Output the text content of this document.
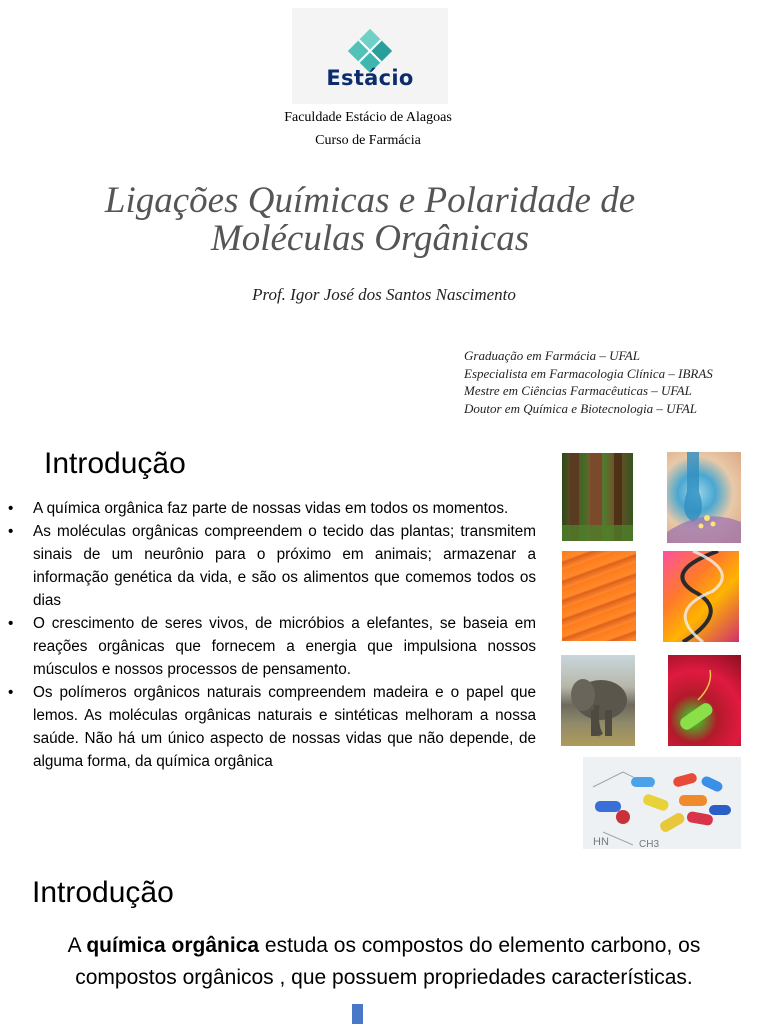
Estácio
Faculdade Estácio de Alagoas
Curso de Farmácia
Ligações Químicas e Polaridade de
Moléculas Orgânicas
Prof. Igor José dos Santos Nascimento
Graduação em Farmácia – UFAL
Especialista em Farmacologia Clínica – IBRAS
Mestre em Ciências Farmacêuticas – UFAL
Doutor em Química e Biotecnologia – UFAL
Introdução
• A química orgânica faz parte de nossas vidas em todos os momentos.
• As moléculas orgânicas compreendem o tecido das plantas; transmitem sinais de um neurônio para o próximo em animais; armazenar a informação genética da vida, e são os alimentos que comemos todos os dias
• O crescimento de seres vivos, de micróbios a elefantes, se baseia em reações orgânicas que fornecem a energia que impulsiona nossos músculos e nossos processos de pensamento.
• Os polímeros orgânicos naturais compreendem madeira e o papel que lemos. As moléculas orgânicas naturais e sintéticas melhoram a nossa saúde. Não há um único aspecto de nossas vidas que não depende, de alguma forma, da química orgânica
HN	CH3
Introdução
A química orgânica estuda os compostos do elemento carbono, os
compostos orgânicos , que possuem propriedades características.
